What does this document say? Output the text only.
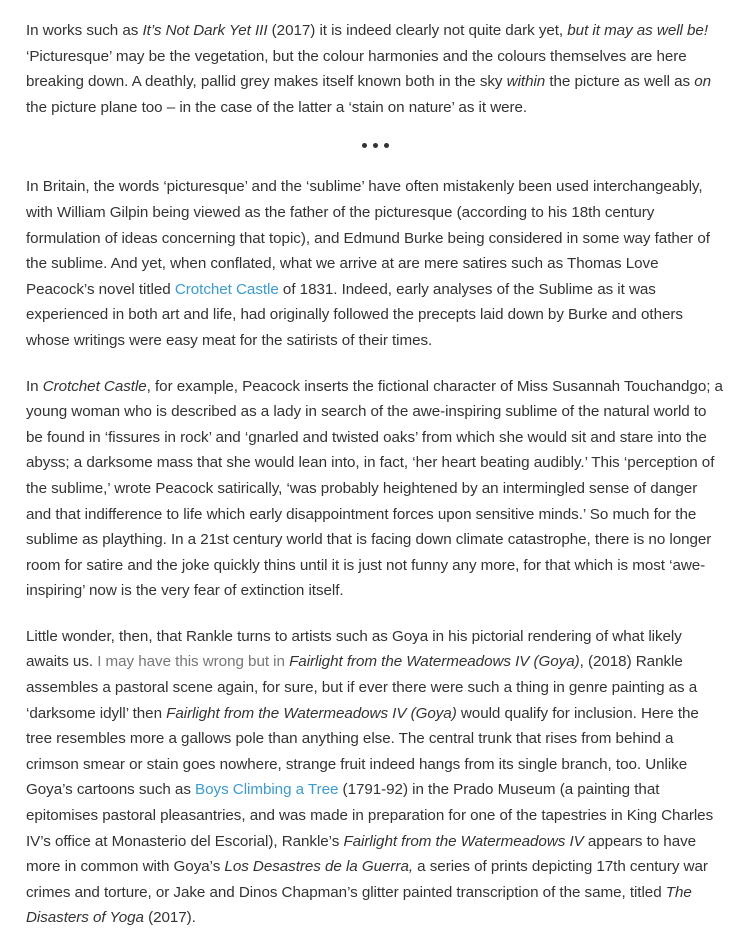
In works such as It’s Not Dark Yet III (2017) it is indeed clearly not quite dark yet, but it may as well be! ‘Picturesque’ may be the vegetation, but the colour harmonies and the colours themselves are here breaking down. A deathly, pallid grey makes itself known both in the sky within the picture as well as on the picture plane too – in the case of the latter a ‘stain on nature’ as it were.

In Britain, the words ‘picturesque’ and the ‘sublime’ have often mistakenly been used interchangeably, with William Gilpin being viewed as the father of the picturesque (according to his 18th century formulation of ideas concerning that topic), and Edmund Burke being considered in some way father of the sublime. And yet, when conflated, what we arrive at are mere satires such as Thomas Love Peacock’s novel titled Crotchet Castle of 1831. Indeed, early analyses of the Sublime as it was experienced in both art and life, had originally followed the precepts laid down by Burke and others whose writings were easy meat for the satirists of their times.

In Crotchet Castle, for example, Peacock inserts the fictional character of Miss Susannah Touchandgo; a young woman who is described as a lady in search of the awe-inspiring sublime of the natural world to be found in ‘fissures in rock’ and ‘gnarled and twisted oaks’ from which she would sit and stare into the abyss; a darksome mass that she would lean into, in fact, ‘her heart beating audibly.’ This ‘perception of the sublime,’ wrote Peacock satirically, ‘was probably heightened by an intermingled sense of danger and that indifference to life which early disappointment forces upon sensitive minds.’ So much for the sublime as plaything. In a 21st century world that is facing down climate catastrophe, there is no longer room for satire and the joke quickly thins until it is just not funny any more, for that which is most ‘awe-inspiring’ now is the very fear of extinction itself.

Little wonder, then, that Rankle turns to artists such as Goya in his pictorial rendering of what likely awaits us. I may have this wrong but in Fairlight from the Watermeadows IV (Goya), (2018) Rankle assembles a pastoral scene again, for sure, but if ever there were such a thing in genre painting as a ‘darksome idyll’ then Fairlight from the Watermeadows IV (Goya) would qualify for inclusion. Here the tree resembles more a gallows pole than anything else. The central trunk that rises from behind a crimson smear or stain goes nowhere, strange fruit indeed hangs from its single branch, too. Unlike Goya’s cartoons such as Boys Climbing a Tree (1791-92) in the Prado Museum (a painting that epitomises pastoral pleasantries, and was made in preparation for one of the tapestries in King Charles IV’s office at Monasterio del Escorial), Rankle’s Fairlight from the Watermeadows IV appears to have more in common with Goya’s Los Desastres de la Guerra, a series of prints depicting 17th century war crimes and torture, or Jake and Dinos Chapman’s glitter painted transcription of the same, titled The Disasters of Yoga (2017).
